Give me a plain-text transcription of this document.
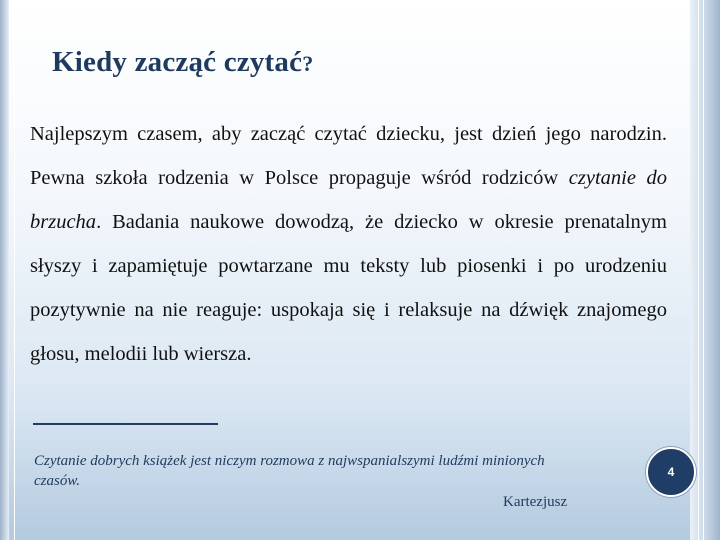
Kiedy zacząć czytać?
Najlepszym czasem, aby zacząć czytać dziecku, jest dzień jego narodzin. Pewna szkoła rodzenia w Polsce propaguje wśród rodziców czytanie do brzucha. Badania naukowe dowodzą, że dziecko w okresie prenatalnym słyszy i zapamiętuje powtarzane mu teksty lub piosenki i po urodzeniu pozytywnie na nie reaguje: uspokaja się i relaksuje na dźwięk znajomego głosu, melodii lub wiersza.
Czytanie dobrych książek jest niczym rozmowa z najwspanialszymi ludźmi minionych czasów.
Kartezjusz
4
